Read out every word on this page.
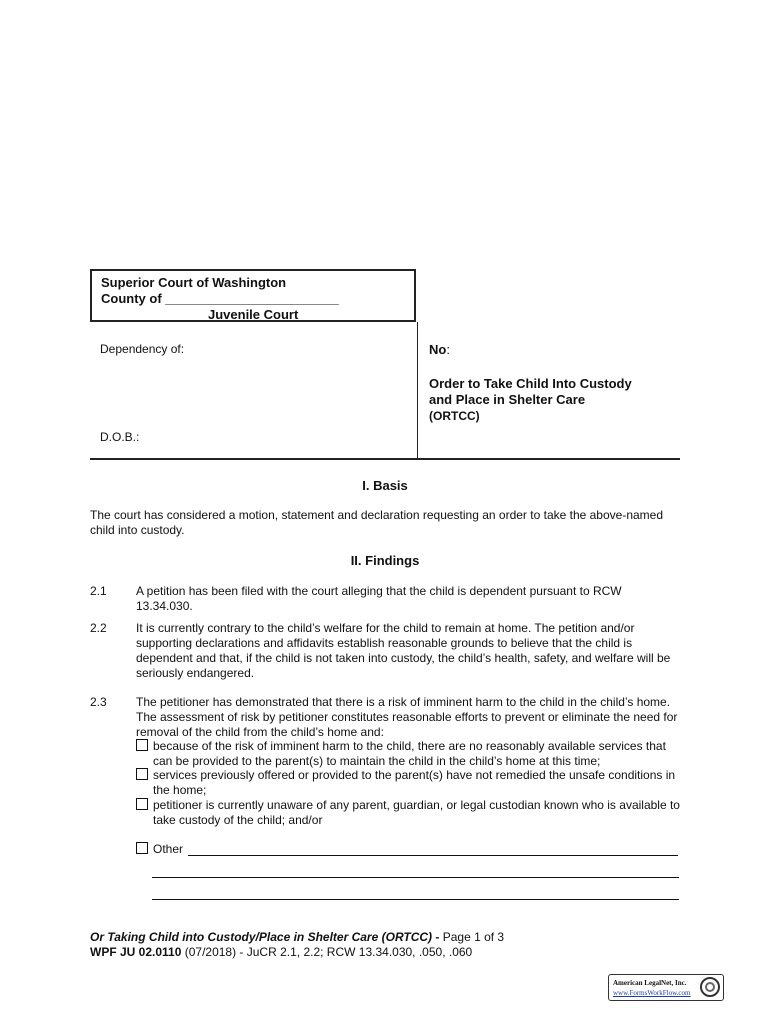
Superior Court of Washington
County of ________________________
Juvenile Court
Dependency of:
D.O.B.:
No:
Order to Take Child Into Custody
and Place in Shelter Care
(ORTCC)
I. Basis
The court has considered a motion, statement and declaration requesting an order to take the above-named child into custody.
II. Findings
2.1 A petition has been filed with the court alleging that the child is dependent pursuant to RCW 13.34.030.
2.2 It is currently contrary to the child’s welfare for the child to remain at home. The petition and/or supporting declarations and affidavits establish reasonable grounds to believe that the child is dependent and that, if the child is not taken into custody, the child’s health, safety, and welfare will be seriously endangered.
2.3 The petitioner has demonstrated that there is a risk of imminent harm to the child in the child’s home. The assessment of risk by petitioner constitutes reasonable efforts to prevent or eliminate the need for removal of the child from the child’s home and:
because of the risk of imminent harm to the child, there are no reasonably available services that can be provided to the parent(s) to maintain the child in the child’s home at this time;
services previously offered or provided to the parent(s) have not remedied the unsafe conditions in the home;
petitioner is currently unaware of any parent, guardian, or legal custodian known who is available to take custody of the child; and/or
Other
Or Taking Child into Custody/Place in Shelter Care (ORTCC) - Page 1 of 3
WPF JU 02.0110 (07/2018) - JuCR 2.1, 2.2; RCW 13.34.030, .050, .060
American LegalNet, Inc.
www.FormsWorkFlow.com
